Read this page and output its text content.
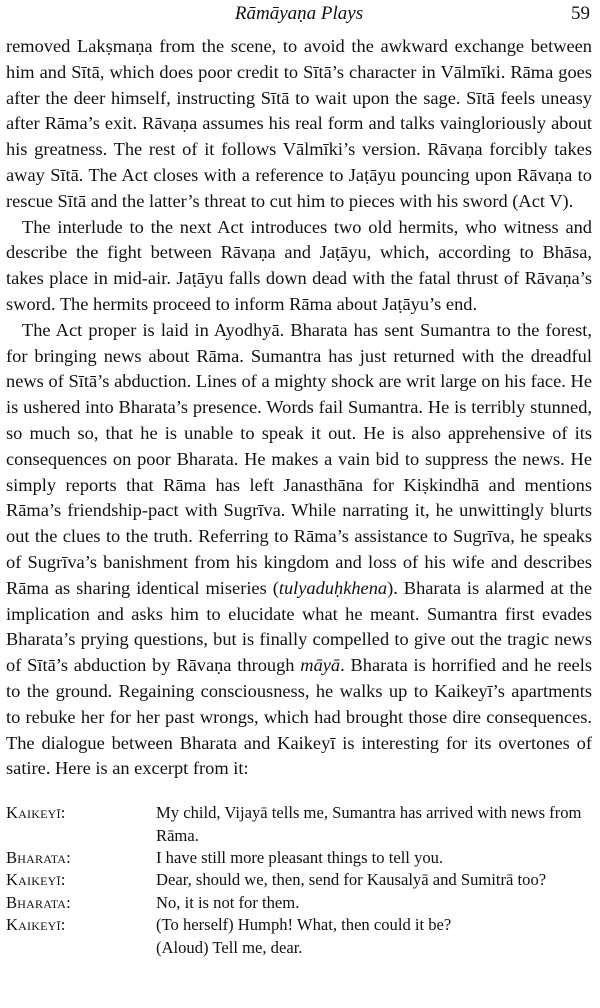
Rāmāyaṇa Plays	59

removed Lakṣmaṇa from the scene, to avoid the awkward exchange between him and Sītā, which does poor credit to Sītā’s character in Vālmīki. Rāma goes after the deer himself, instructing Sītā to wait upon the sage. Sītā feels uneasy after Rāma’s exit. Rāvaṇa assumes his real form and talks vaingloriously about his greatness. The rest of it follows Vālmīki’s version. Rāvaṇa forcibly takes away Sītā. The Act closes with a reference to Jaṭāyu pouncing upon Rāvaṇa to rescue Sītā and the latter’s threat to cut him to pieces with his sword (Act V).

The interlude to the next Act introduces two old hermits, who witness and describe the fight between Rāvaṇa and Jaṭāyu, which, according to Bhāsa, takes place in mid-air. Jaṭāyu falls down dead with the fatal thrust of Rāvaṇa’s sword. The hermits proceed to inform Rāma about Jaṭāyu’s end.

The Act proper is laid in Ayodhyā. Bharata has sent Sumantra to the forest, for bringing news about Rāma. Sumantra has just returned with the dreadful news of Sītā’s abduction. Lines of a mighty shock are writ large on his face. He is ushered into Bharata’s presence. Words fail Sumantra. He is terribly stunned, so much so, that he is unable to speak it out. He is also apprehensive of its consequences on poor Bharata. He makes a vain bid to suppress the news. He simply reports that Rāma has left Janasthāna for Kiṣkindhā and mentions Rāma’s friendship-pact with Sugrīva. While narrating it, he unwittingly blurts out the clues to the truth. Referring to Rāma’s assistance to Sugrīva, he speaks of Sugrīva’s banishment from his kingdom and loss of his wife and describes Rāma as sharing identical miseries (tulyaduḥkhena). Bharata is alarmed at the implication and asks him to elucidate what he meant. Sumantra first evades Bharata’s prying questions, but is finally compelled to give out the tragic news of Sītā’s abduction by Rāvaṇa through māyā. Bharata is horrified and he reels to the ground. Regaining consciousness, he walks up to Kaikeyī’s apartments to rebuke her for her past wrongs, which had brought those dire consequences. The dialogue between Bharata and Kaikeyī is interesting for its overtones of satire. Here is an excerpt from it:

Kaikeyī:	My child, Vijayā tells me, Sumantra has arrived with news from Rāma.
Bharata:	I have still more pleasant things to tell you.
Kaikeyī:	Dear, should we, then, send for Kausalyā and Sumitrā too?
Bharata:	No, it is not for them.
Kaikeyī:	(To herself) Humph! What, then could it be?
(Aloud) Tell me, dear.
